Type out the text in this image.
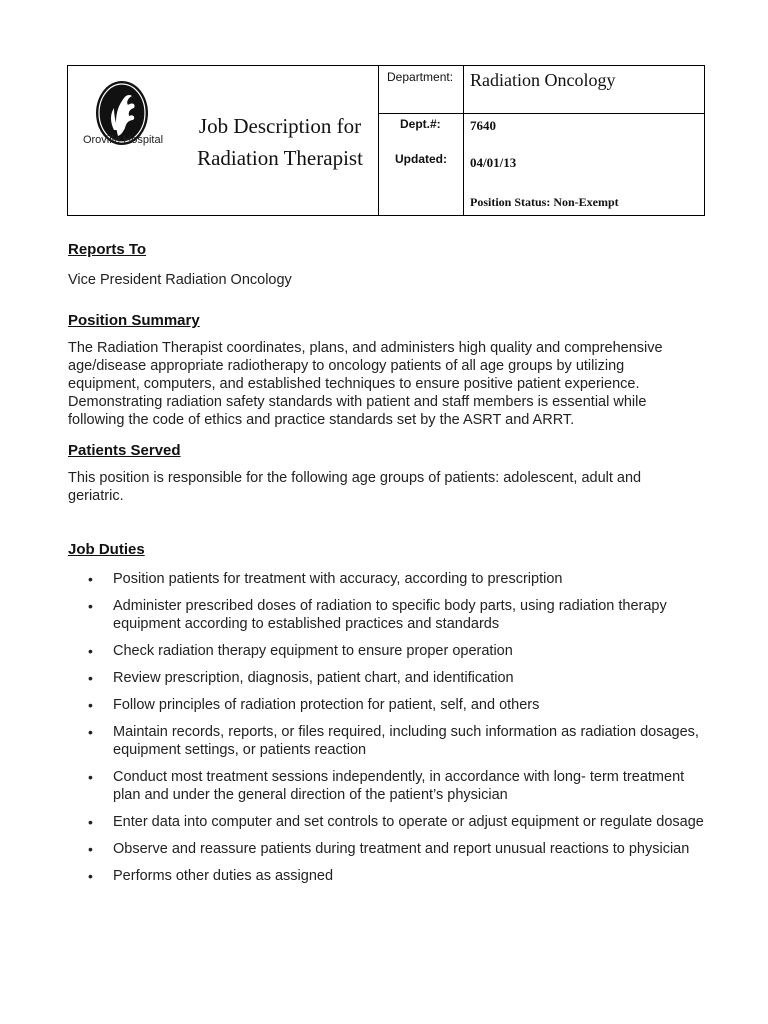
Oroville Hospital
Job Description for
Radiation Therapist
Department: Radiation Oncology
Dept.#: 7640
Updated: 04/01/13
Position Status: Non-Exempt
Reports To

Vice President Radiation Oncology

Position Summary

The Radiation Therapist coordinates, plans, and administers high quality and comprehensive age/disease appropriate radiotherapy to oncology patients of all age groups by utilizing equipment, computers, and established techniques to ensure positive patient experience. Demonstrating radiation safety standards with patient and staff members is essential while following the code of ethics and practice standards set by the ASRT and ARRT.

Patients Served

This position is responsible for the following age groups of patients: adolescent, adult and geriatric.

Job Duties
• Position patients for treatment with accuracy, according to prescription
• Administer prescribed doses of radiation to specific body parts, using radiation therapy equipment according to established practices and standards
• Check radiation therapy equipment to ensure proper operation
• Review prescription, diagnosis, patient chart, and identification
• Follow principles of radiation protection for patient, self, and others
• Maintain records, reports, or files required, including such information as radiation dosages, equipment settings, or patients reaction
• Conduct most treatment sessions independently, in accordance with long- term treatment plan and under the general direction of the patient’s physician
• Enter data into computer and set controls to operate or adjust equipment or regulate dosage
• Observe and reassure patients during treatment and report unusual reactions to physician
• Performs other duties as assigned
